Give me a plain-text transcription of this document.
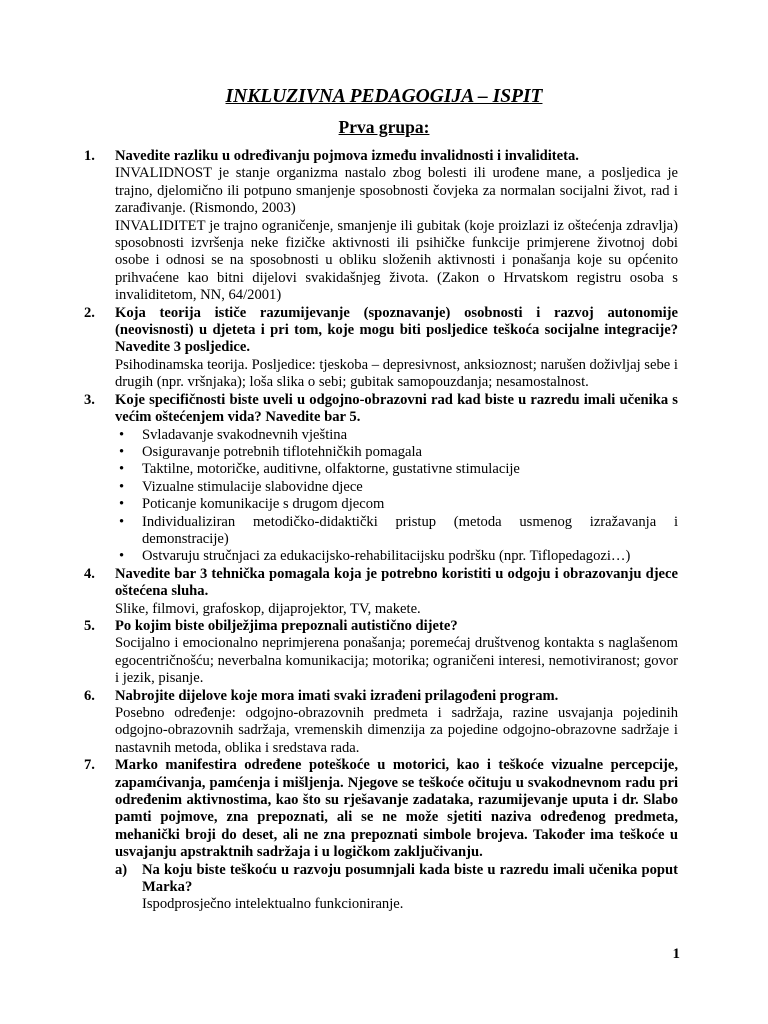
INKLUZIVNA PEDAGOGIJA – ISPIT
Prva grupa:
1.	Navedite razliku u određivanju pojmova između invalidnosti i invaliditeta.
INVALIDNOST je stanje organizma nastalo zbog bolesti ili urođene mane, a posljedica je trajno, djelomično ili potpuno smanjenje sposobnosti čovjeka za normalan socijalni život, rad i zarađivanje. (Rismondo, 2003)
INVALIDITET je trajno ograničenje, smanjenje ili gubitak (koje proizlazi iz oštećenja zdravlja) sposobnosti izvršenja neke fizičke aktivnosti ili psihičke funkcije primjerene životnoj dobi osobe i odnosi se na sposobnosti u obliku složenih aktivnosti i ponašanja koje su općenito prihvaćene kao bitni dijelovi svakidašnjeg života. (Zakon o Hrvatskom registru osoba s invaliditetom, NN, 64/2001)
2.	Koja teorija ističe razumijevanje (spoznavanje) osobnosti i razvoj autonomije (neovisnosti) u djeteta i pri tom, koje mogu biti posljedice teškoća socijalne integracije? Navedite 3 posljedice.
Psihodinamska teorija. Posljedice: tjeskoba – depresivnost, anksioznost; narušen doživljaj sebe i drugih (npr. vršnjaka); loša slika o sebi; gubitak samopouzdanja; nesamostalnost.
3.	Koje specifičnosti biste uveli u odgojno-obrazovni rad kad biste u razredu imali učenika s većim oštećenjem vida? Navedite bar 5.
•	Svladavanje svakodnevnih vještina
•	Osiguravanje potrebnih tiflotehničkih pomagala
•	Taktilne, motoričke, auditivne, olfaktorne, gustativne stimulacije
•	Vizualne stimulacije slabovidne djece
•	Poticanje komunikacije s drugom djecom
•	Individualiziran metodičko-didaktički pristup (metoda usmenog izražavanja i demonstracije)
•	Ostvaruju stručnjaci za edukacijsko-rehabilitacijsku podršku (npr. Tiflopedagozi…)
4.	Navedite bar 3 tehnička pomagala koja je potrebno koristiti u odgoju i obrazovanju djece oštećena sluha.
Slike, filmovi, grafoskop, dijaprojektor, TV, makete.
5.	Po kojim biste obilježjima prepoznali autistično dijete?
Socijalno i emocionalno neprimjerena ponašanja; poremećaj društvenog kontakta s naglašenom egocentričnošću; neverbalna komunikacija; motorika; ograničeni interesi, nemotiviranost; govor i jezik, pisanje.
6.	Nabrojite dijelove koje mora imati svaki izrađeni prilagođeni program.
Posebno određenje: odgojno-obrazovnih predmeta i sadržaja, razine usvajanja pojedinih odgojno-obrazovnih sadržaja, vremenskih dimenzija za pojedine odgojno-obrazovne sadržaje i nastavnih metoda, oblika i sredstava rada.
7.	Marko manifestira određene poteškoće u motorici, kao i teškoće vizualne percepcije, zapamćivanja, pamćenja i mišljenja. Njegove se teškoće očituju u svakodnevnom radu pri određenim aktivnostima, kao što su rješavanje zadataka, razumijevanje uputa i dr. Slabo pamti pojmove, zna prepoznati, ali se ne može sjetiti naziva određenog predmeta, mehanički broji do deset, ali ne zna prepoznati simbole brojeva. Također ima teškoće u usvajanju apstraktnih sadržaja i u logičkom zaključivanju.
a)	Na koju biste teškoću u razvoju posumnjali kada biste u razredu imali učenika poput Marka?
Ispodprosječno intelektualno funkcioniranje.
1
